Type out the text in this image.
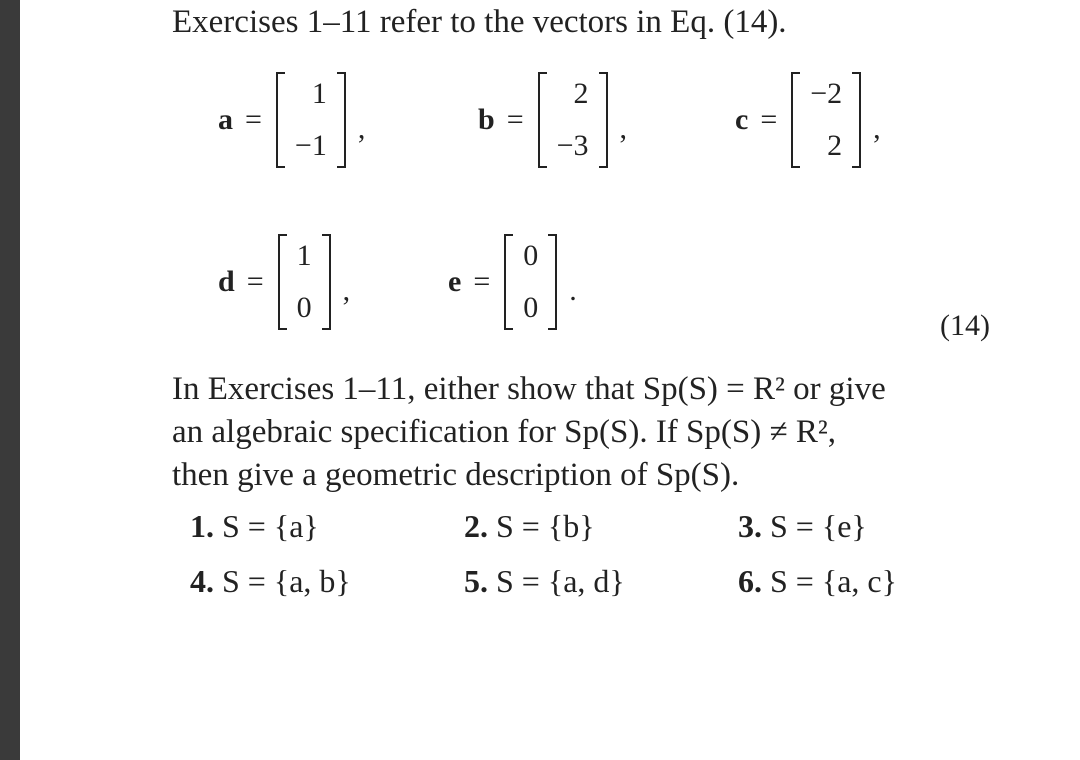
Exercises 1–11 refer to the vectors in Eq. (14).
a =
1
−1
,	b =
2
−3
,	c =
−2
2
,
d =
1
0
,	e =
0
0
.
(14)
In Exercises 1–11, either show that Sp(S) = R² or give
an algebraic specification for Sp(S). If Sp(S) ≠ R²,
then give a geometric description of Sp(S).
1. S = {a}	2. S = {b}	3. S = {e}
4. S = {a, b}	5. S = {a, d}	6. S = {a, c}
